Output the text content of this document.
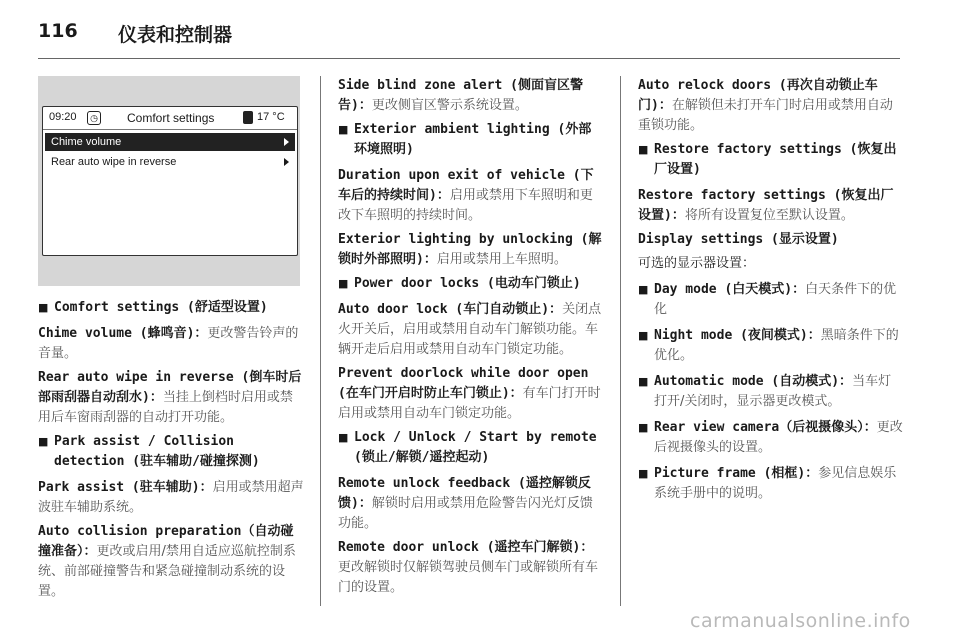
116 仪表和控制器
09:20	◷ Comfort settings	17 °C
Chime volume
Rear auto wipe in reverse
■ Comfort settings (舒适型设置)

Chime volume (蜂鸣音)：更改警告铃声的音量。

Rear auto wipe in reverse (倒车时后部雨刮器自动刮水)：当挂上倒档时启用或禁用后车窗雨刮器的自动打开功能。

■ Park assist / Collision detection (驻车辅助/碰撞探测)

Park assist (驻车辅助)：启用或禁用超声波驻车辅助系统。

Auto collision preparation（自动碰撞准备）：更改或启用/禁用自适应巡航控制系统、前部碰撞警告和紧急碰撞制动系统的设置。

Side blind zone alert (侧面盲区警告)：更改侧盲区警示系统设置。

■ Exterior ambient lighting (外部环境照明)

Duration upon exit of vehicle (下车后的持续时间)：启用或禁用下车照明和更改下车照明的持续时间。

Exterior lighting by unlocking (解锁时外部照明)：启用或禁用上车照明。

■ Power door locks (电动车门锁止)

Auto door lock (车门自动锁止)：关闭点火开关后，启用或禁用自动车门解锁功能。车辆开走后启用或禁用自动车门锁定功能。

Prevent doorlock while door open (在车门开启时防止车门锁止)：有车门打开时启用或禁用自动车门锁定功能。

■ Lock / Unlock / Start by remote (锁止/解锁/遥控起动)

Remote unlock feedback (遥控解锁反馈)：解锁时启用或禁用危险警告闪光灯反馈功能。

Remote door unlock (遥控车门解锁)：更改解锁时仅解锁驾驶员侧车门或解锁所有车门的设置。

Auto relock doors (再次自动锁止车门)：在解锁但未打开车门时启用或禁用自动重锁功能。

■ Restore factory settings (恢复出厂设置)

Restore factory settings (恢复出厂设置)：将所有设置复位至默认设置。

Display settings (显示设置)

可选的显示器设置：

■ Day mode (白天模式)：白天条件下的优化
■ Night mode (夜间模式)：黑暗条件下的优化。
■ Automatic mode (自动模式)：当车灯打开/关闭时，显示器更改模式。
■ Rear view camera（后视摄像头）：更改后视摄像头的设置。
■ Picture frame (相框)：参见信息娱乐系统手册中的说明。
carmanualsonline.info
